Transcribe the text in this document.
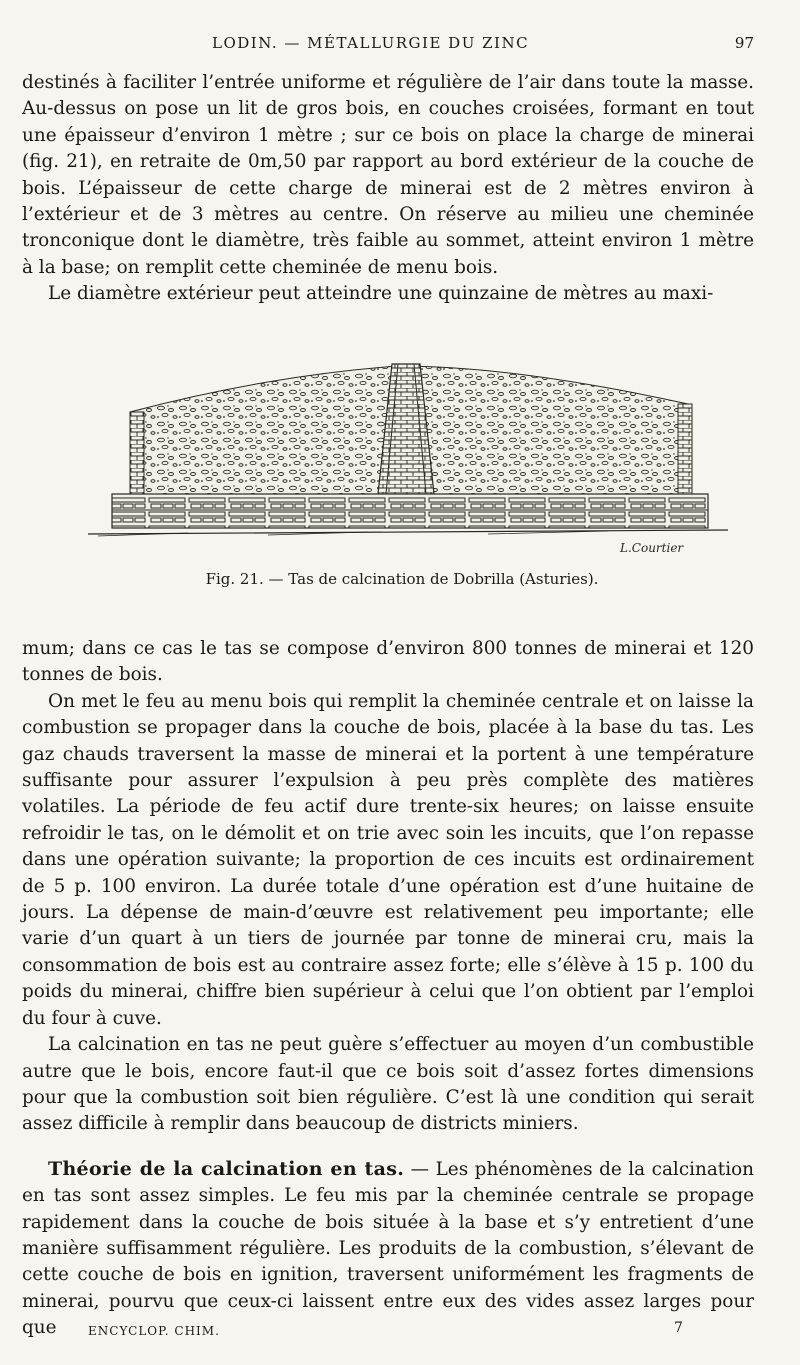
LODIN. — MÉTALLURGIE DU ZINC	97

destinés à faciliter l’entrée uniforme et régulière de l’air dans toute la masse. Au-dessus on pose un lit de gros bois, en couches croisées, formant en tout une épaisseur d’environ 1 mètre ; sur ce bois on place la charge de minerai (fig. 21), en retraite de 0m,50 par rapport au bord extérieur de la couche de bois. L’épaisseur de cette charge de minerai est de 2 mètres environ à l’extérieur et de 3 mètres au centre. On réserve au milieu une cheminée tronconique dont le diamètre, très faible au sommet, atteint environ 1 mètre à la base; on remplit cette cheminée de menu bois.

Le diamètre extérieur peut atteindre une quinzaine de mètres au maxi-

L.Courtier
Fig. 21. — Tas de calcination de Dobrilla (Asturies).

mum; dans ce cas le tas se compose d’environ 800 tonnes de minerai et 120 tonnes de bois.

On met le feu au menu bois qui remplit la cheminée centrale et on laisse la combustion se propager dans la couche de bois, placée à la base du tas. Les gaz chauds traversent la masse de minerai et la portent à une température suffisante pour assurer l’expulsion à peu près complète des matières volatiles. La période de feu actif dure trente-six heures; on laisse ensuite refroidir le tas, on le démolit et on trie avec soin les incuits, que l’on repasse dans une opération suivante; la proportion de ces incuits est ordinairement de 5 p. 100 environ. La durée totale d’une opération est d’une huitaine de jours. La dépense de main-d’œuvre est relativement peu importante; elle varie d’un quart à un tiers de journée par tonne de minerai cru, mais la consommation de bois est au contraire assez forte; elle s’élève à 15 p. 100 du poids du minerai, chiffre bien supérieur à celui que l’on obtient par l’emploi du four à cuve.

La calcination en tas ne peut guère s’effectuer au moyen d’un combustible autre que le bois, encore faut-il que ce bois soit d’assez fortes dimensions pour que la combustion soit bien régulière. C’est là une condition qui serait assez difficile à remplir dans beaucoup de districts miniers.

Théorie de la calcination en tas. — Les phénomènes de la calcination en tas sont assez simples. Le feu mis par la cheminée centrale se propage rapidement dans la couche de bois située à la base et s’y entretient d’une manière suffisamment régulière. Les produits de la combustion, s’élevant de cette couche de bois en ignition, traversent uniformément les fragments de minerai, pourvu que ceux-ci laissent entre eux des vides assez larges pour que	ENCYCLOP. CHIM.	7
